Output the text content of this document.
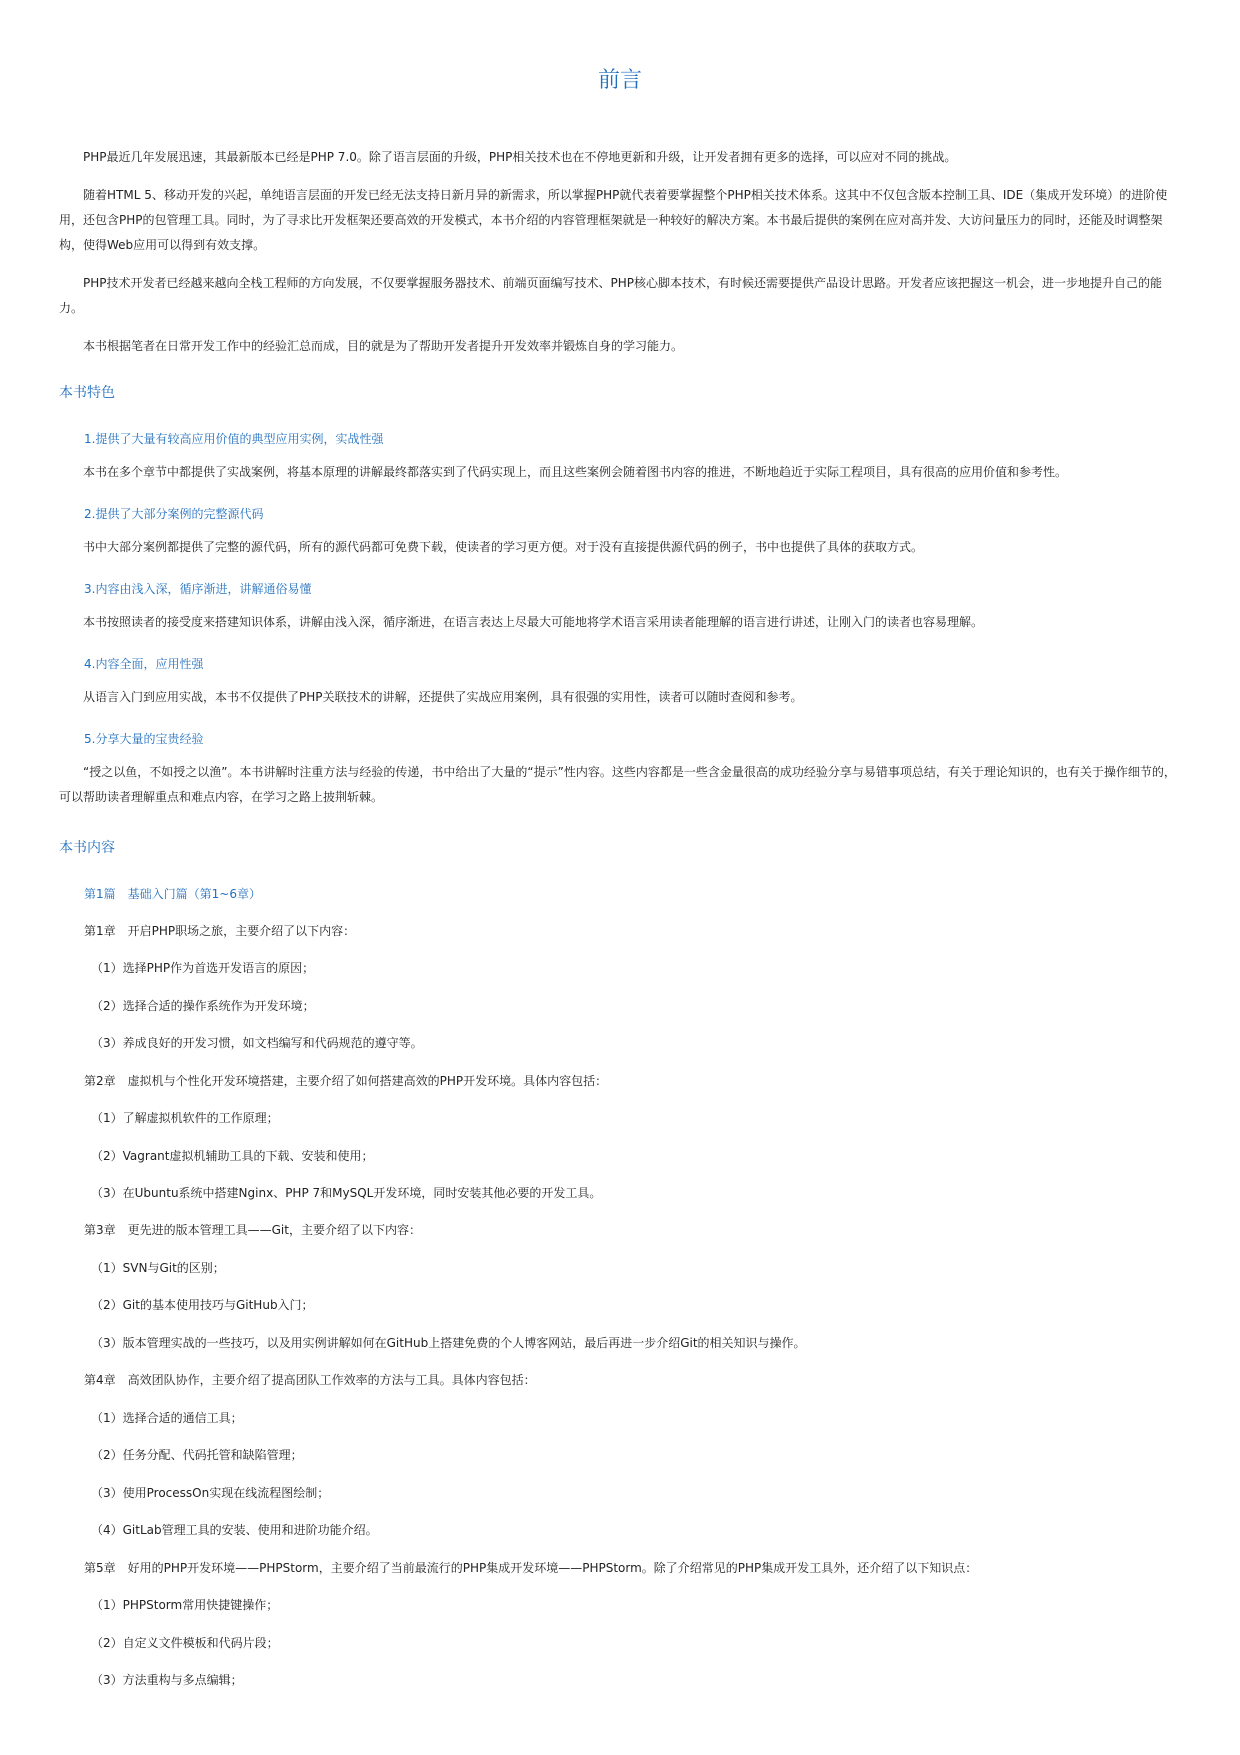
前言

PHP最近几年发展迅速，其最新版本已经是PHP 7.0。除了语言层面的升级，PHP相关技术也在不停地更新和升级，让开发者拥有更多的选择，可以应对不同的挑战。

随着HTML 5、移动开发的兴起，单纯语言层面的开发已经无法支持日新月异的新需求，所以掌握PHP就代表着要掌握整个PHP相关技术体系。这其中不仅包含版本控制工具、IDE（集成开发环境）的进阶使用，还包含PHP的包管理工具。同时，为了寻求比开发框架还要高效的开发模式，本书介绍的内容管理框架就是一种较好的解决方案。本书最后提供的案例在应对高并发、大访问量压力的同时，还能及时调整架构，使得Web应用可以得到有效支撑。

PHP技术开发者已经越来越向全栈工程师的方向发展，不仅要掌握服务器技术、前端页面编写技术、PHP核心脚本技术，有时候还需要提供产品设计思路。开发者应该把握这一机会，进一步地提升自己的能力。

本书根据笔者在日常开发工作中的经验汇总而成，目的就是为了帮助开发者提升开发效率并锻炼自身的学习能力。

本书特色
1.提供了大量有较高应用价值的典型应用实例，实战性强

本书在多个章节中都提供了实战案例，将基本原理的讲解最终都落实到了代码实现上，而且这些案例会随着图书内容的推进，不断地趋近于实际工程项目，具有很高的应用价值和参考性。

2.提供了大部分案例的完整源代码

书中大部分案例都提供了完整的源代码，所有的源代码都可免费下载，使读者的学习更方便。对于没有直接提供源代码的例子，书中也提供了具体的获取方式。

3.内容由浅入深，循序渐进，讲解通俗易懂

本书按照读者的接受度来搭建知识体系，讲解由浅入深，循序渐进，在语言表达上尽最大可能地将学术语言采用读者能理解的语言进行讲述，让刚入门的读者也容易理解。

4.内容全面，应用性强

从语言入门到应用实战，本书不仅提供了PHP关联技术的讲解，还提供了实战应用案例，具有很强的实用性，读者可以随时查阅和参考。

5.分享大量的宝贵经验

“授之以鱼，不如授之以渔”。本书讲解时注重方法与经验的传递，书中给出了大量的“提示”性内容。这些内容都是一些含金量很高的成功经验分享与易错事项总结，有关于理论知识的，也有关于操作细节的，可以帮助读者理解重点和难点内容，在学习之路上披荆斩棘。

本书内容
第1篇　基础入门篇（第1~6章）
第1章　开启PHP职场之旅，主要介绍了以下内容：
（1）选择PHP作为首选开发语言的原因；
（2）选择合适的操作系统作为开发环境；
（3）养成良好的开发习惯，如文档编写和代码规范的遵守等。
第2章　虚拟机与个性化开发环境搭建，主要介绍了如何搭建高效的PHP开发环境。具体内容包括：
（1）了解虚拟机软件的工作原理；
（2）Vagrant虚拟机辅助工具的下载、安装和使用；
（3）在Ubuntu系统中搭建Nginx、PHP 7和MySQL开发环境，同时安装其他必要的开发工具。
第3章　更先进的版本管理工具——Git，主要介绍了以下内容：
（1）SVN与Git的区别；
（2）Git的基本使用技巧与GitHub入门；
（3）版本管理实战的一些技巧，以及用实例讲解如何在GitHub上搭建免费的个人博客网站，最后再进一步介绍Git的相关知识与操作。
第4章　高效团队协作，主要介绍了提高团队工作效率的方法与工具。具体内容包括：
（1）选择合适的通信工具；
（2）任务分配、代码托管和缺陷管理；
（3）使用ProcessOn实现在线流程图绘制；
（4）GitLab管理工具的安装、使用和进阶功能介绍。
第5章　好用的PHP开发环境——PHPStorm，主要介绍了当前最流行的PHP集成开发环境——PHPStorm。除了介绍常见的PHP集成开发工具外，还介绍了以下知识点：
（1）PHPStorm常用快捷键操作；
（2）自定义文件模板和代码片段；
（3）方法重构与多点编辑；
